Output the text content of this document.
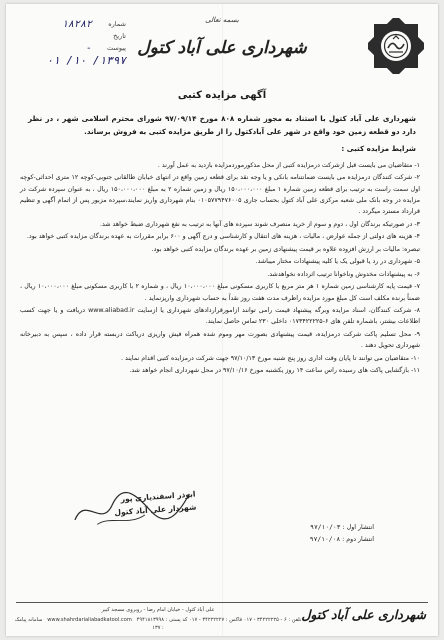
بسمه تعالی
شهرداری علی آباد کتول
شماره
۱۸۲۸۲
تاریخ
پیوست
-
۱۳۹۷/ ۱۰/ ۰۱
آگهی مزایده کتبی
شهرداری علی آباد کتول با استناد به مجوز شماره ۸۰۸ مورخ ۹۷/۰۹/۱۴ شورای محترم اسلامی شهر ، در نظر دارد دو قطعه زمین خود واقع در شهر علی آبادکتول را از طریق مزایده کتبی به فروش برساند.
شرایط مزایده کتبی :

۱- متقاضیان می بایست قبل ازشرکت درمزایده کتبی از محل مذکورموردمزایده بازدید به عمل آورند .

۲- شرکت کنندگان درمزایده می بایست ضمانتنامه بانکی و یا وجه نقد برای قطعه زمین واقع در انتهای خیابان طالقانی جنوبی-کوچه ۱۲ متری احداثی-کوچه اول سمت راست به ترتیب برای قطعه زمین شماره ۱ مبلغ ۱۵۰،۰۰۰،۰۰۰ ریال و زمین شماره ۲ به مبلغ ۱۵۰،۰۰۰،۰۰۰ ریال ، به عنوان سپرده شرکت در مزایده در وجه بانک ملی شعبه مرکزی علی آباد کتول بحساب جاری ۰۱۰۵۷۷۹۴۷۶۰۰۵ بنام شهرداری واریز نمایند،سپرده مزبور پس از اتمام آگهی و تنظیم قرارداد مسترد میگردد .

۳- در صورتیکه برندگان اول ، دوم و سوم از خرید منصرف شوند سپرده های آنها به ترتیب به نفع شهرداری ضبط خواهد شد.

۴- هزینه های دولتی از جمله عوارض ، مالیات ، هزینه های انتقال و کارشناسی و درج آگهی و ۶۰۰ برابر مقررات به عهده برندگان مزایده کتبی خواهد بود.

تبصره: مالیات بر ارزش افزوده علاوه بر قیمت پیشنهادی زمین بر عهده برندگان مزایده کتبی خواهد بود.

۵- شهرداری در رد یا قبولی یک یا کلیه پیشنهادات مختار میباشد.

۶- به پیشنهادات مخدوش وناخوانا ترتیب اثرداده نخواهدشد.

۷- قیمت پایه کارشناسی زمین شماره ۱ هر متر مربع با کاربری مسکونی مبلغ ۱۰،۰۰۰،۰۰۰ ریال ، و شماره ۲ با کاربری مسکونی مبلغ ۱۰،۰۰۰،۰۰۰ ریال ، ضمناً برنده مکلف است کل مبلغ مورد مزایده راظرف مدت هفت روز نقداً به حساب شهرداری وارپزنماید .

۸- شرکت کنندگان، اسناد مزایده وبرگه پیشنهاد قیمت رامی توانند ازامورقراردادهای شهرداری یا ازسایت www.aliabad.ir دریافت و یا جهت کسب اطلاعات بیشتر، باشماره تلفن های ۶-۰۱۷۳۴۲۲۲۲۵ داخلی ۲۳۰ تماس حاصل نمایند.

۹- محل تسلیم پاکت شرکت درمزایده، قیمت پیشنهادی بصورت مهر وموم شده همراه فیش واریزی دریاکت دربسته قرار داده ، سپس به دبیرخانه شهرداری تحویل دهند .

۱۰- متقاضیان می توانند تا پایان وقت اداری روز پنج شنبه مورخ ۹۷/۱۰/۱۳ جهت شرکت درمزایده کتبی اقدام نمایند .

۱۱- بازگشایی پاکت های رسیده راس ساعت ۱۴ روز یکشنبه مورخ ۹۷/۱۰/۱۶ در محل شهرداری انجام خواهد شد.

ابوذر اسفندیاری پور
شهردار علی آباد کتول
انتشار اول : ۹۷/۱۰/۰۳
انتشار دوم : ۹۷/۱۰/۰۸
شهرداری علی آباد کتول
علی آباد کتول - خیابان امام رضا - روبروی مسجد کبیر
تلفن : ۶ - ۳۴۲۲۲۲۲۵ - ۰۱۷ فاکس : ۳۴۲۲۲۲۲۷ - ۰۱۷ کد پستی : ۴۹۴۱۸۱۳۹۹۸   www.shahrdarialiabadkatool.com   سامانه پیامک : ۱۳۷
